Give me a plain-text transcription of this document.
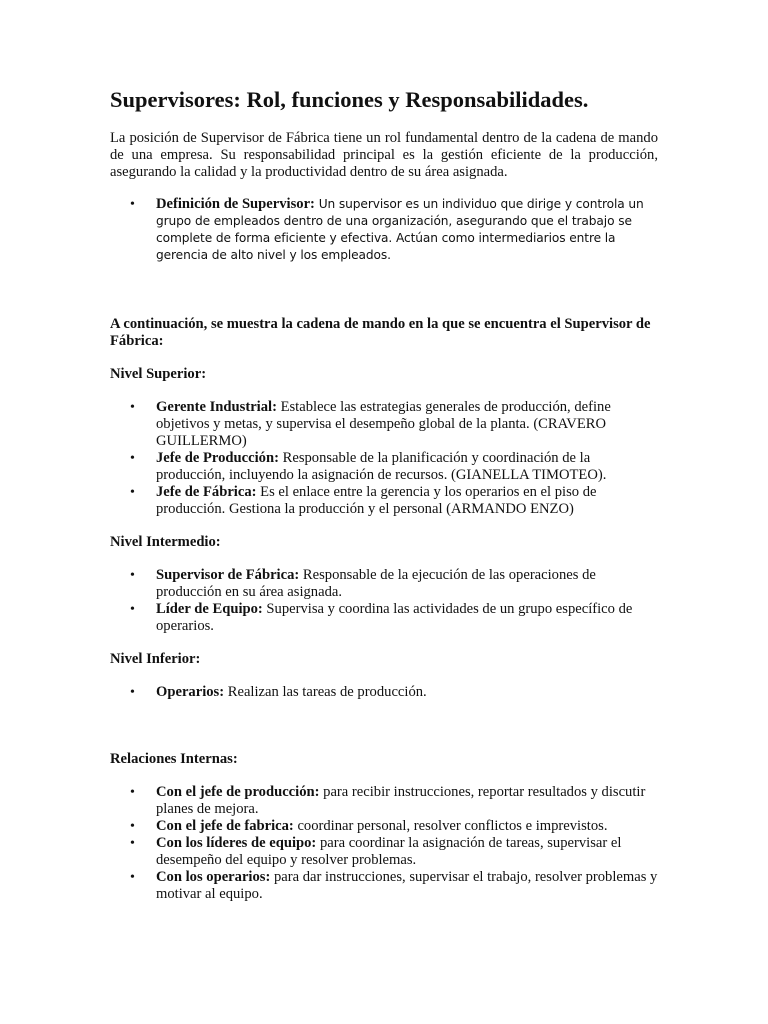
Supervisores: Rol, funciones y Responsabilidades.

La posición de Supervisor de Fábrica tiene un rol fundamental dentro de la cadena de mando de una empresa. Su responsabilidad principal es la gestión eficiente de la producción, asegurando la calidad y la productividad dentro de su área asignada.

• Definición de Supervisor: Un supervisor es un individuo que dirige y controla un grupo de empleados dentro de una organización, asegurando que el trabajo se complete de forma eficiente y efectiva. Actúan como intermediarios entre la gerencia de alto nivel y los empleados.

A continuación, se muestra la cadena de mando en la que se encuentra el Supervisor de Fábrica:

Nivel Superior:

• Gerente Industrial: Establece las estrategias generales de producción, define objetivos y metas, y supervisa el desempeño global de la planta. (CRAVERO GUILLERMO)
• Jefe de Producción: Responsable de la planificación y coordinación de la producción, incluyendo la asignación de recursos. (GIANELLA TIMOTEO).
• Jefe de Fábrica: Es el enlace entre la gerencia y los operarios en el piso de producción. Gestiona la producción y el personal (ARMANDO ENZO)

Nivel Intermedio:

• Supervisor de Fábrica: Responsable de la ejecución de las operaciones de producción en su área asignada.
• Líder de Equipo: Supervisa y coordina las actividades de un grupo específico de operarios.

Nivel Inferior:

• Operarios: Realizan las tareas de producción.

Relaciones Internas:

• Con el jefe de producción: para recibir instrucciones, reportar resultados y discutir planes de mejora.
• Con el jefe de fabrica: coordinar personal, resolver conflictos e imprevistos.
• Con los líderes de equipo: para coordinar la asignación de tareas, supervisar el desempeño del equipo y resolver problemas.
• Con los operarios: para dar instrucciones, supervisar el trabajo, resolver problemas y motivar al equipo.
